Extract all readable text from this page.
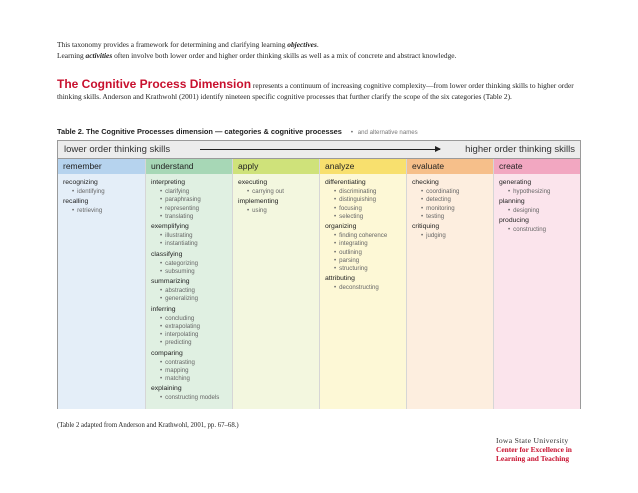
This taxonomy provides a framework for determining and clarifying learning objectives.
Learning activities often involve both lower order and higher order thinking skills as well as a mix of concrete and abstract knowledge.
The Cognitive Process Dimension represents a continuum of increasing cognitive complexity—from lower order thinking skills to higher order thinking skills. Anderson and Krathwohl (2001) identify nineteen specific cognitive processes that further clarify the scope of the six categories (Table 2).
Table 2. The Cognitive Processes dimension — categories & cognitive processes• and alternative names
lower order thinking skills	higher order thinking skills
remember
recognizing
• identifying
recalling
• retrieving
understand
interpreting
• clarifying
• paraphrasing
• representing
• translating
exemplifying
• illustrating
• instantiating
classifying
• categorizing
• subsuming
summarizing
• abstracting
• generalizing
inferring
• concluding
• extrapolating
• interpolating
• predicting
comparing
• contrasting
• mapping
• matching
explaining
• constructing models
apply
executing
• carrying out
implementing
• using
analyze
differentiating
• discriminating
• distinguishing
• focusing
• selecting
organizing
• finding coherence
• integrating
• outlining
• parsing
• structuring
attributing
• deconstructing
evaluate
checking
• coordinating
• detecting
• monitoring
• testing
critiquing
• judging
create
generating
• hypothesizing
planning
• designing
producing
• constructing
(Table 2 adapted from Anderson and Krathwohl, 2001, pp. 67–68.)
Iowa State University
Center for Excellence in
Learning and Teaching
